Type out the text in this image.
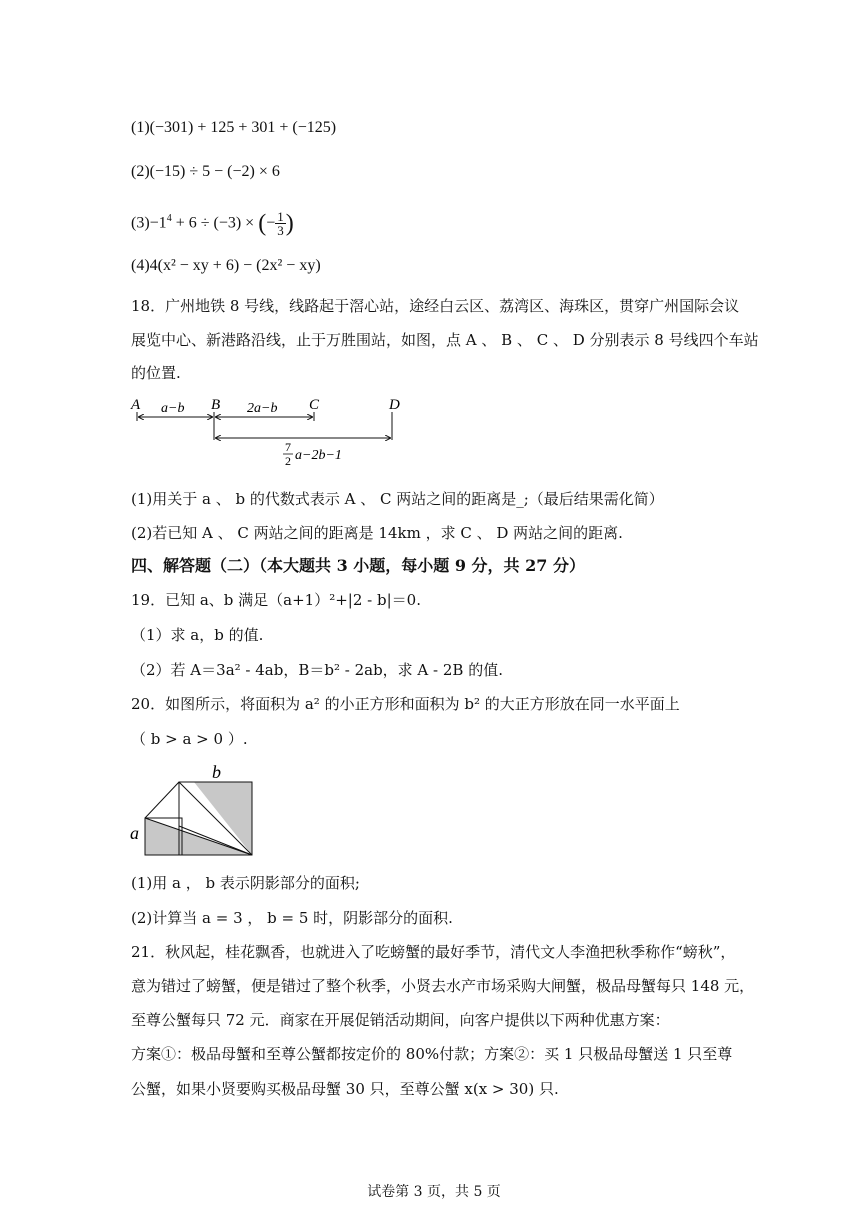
(1)(−301) + 125 + 301 + (−125)
(2)(−15) ÷ 5 − (−2) × 6
$(3)-1^4 + 6 \div (-3)$ × (− $\frac{1}{3}$ )
(4)4(x² − xy + 6) − (2x² − xy)
18．广州地铁 8 号线，线路起于滘心站，途经白云区、荔湾区、海珠区，贯穿广州国际会议
展览中心、新港路沿线，止于万胜围站，如图，点 A 、 B 、 C 、 D 分别表示 8 号线四个车站
的位置.
A	B	C	D
a−b	2a−b
7
2 a−2b−1
(1)用关于 a 、 b 的代数式表示 A 、 C 两站之间的距离是_;（最后结果需化简）
(2)若已知 A 、 C 两站之间的距离是 14km ，求 C 、 D 两站之间的距离.
四、解答题（二）（本大题共 3 小题，每小题 9 分，共 27 分）
19．已知 a、b 满足（a+1）²+|2 - b|＝0.
（1）求 a，b 的值.
（2）若 A＝3a² - 4ab，B＝b² - 2ab，求 A - 2B 的值.
20．如图所示，将面积为 a² 的小正方形和面积为 b² 的大正方形放在同一水平面上
（ b > a > 0 ）.
b
a
(1)用 a ， b 表示阴影部分的面积;
(2)计算当 a = 3 ， b = 5 时，阴影部分的面积.
21．秋风起，桂花飘香，也就进入了吃螃蟹的最好季节，清代文人李渔把秋季称作“螃秋”，
意为错过了螃蟹，便是错过了整个秋季，小贤去水产市场采购大闸蟹，极品母蟹每只 148 元，
至尊公蟹每只 72 元．商家在开展促销活动期间，向客户提供以下两种优惠方案：
方案①：极品母蟹和至尊公蟹都按定价的 80%付款；方案②：买 1 只极品母蟹送 1 只至尊
公蟹，如果小贤要购买极品母蟹 30 只，至尊公蟹 x(x > 30) 只.
试卷第 3 页，共 5 页
